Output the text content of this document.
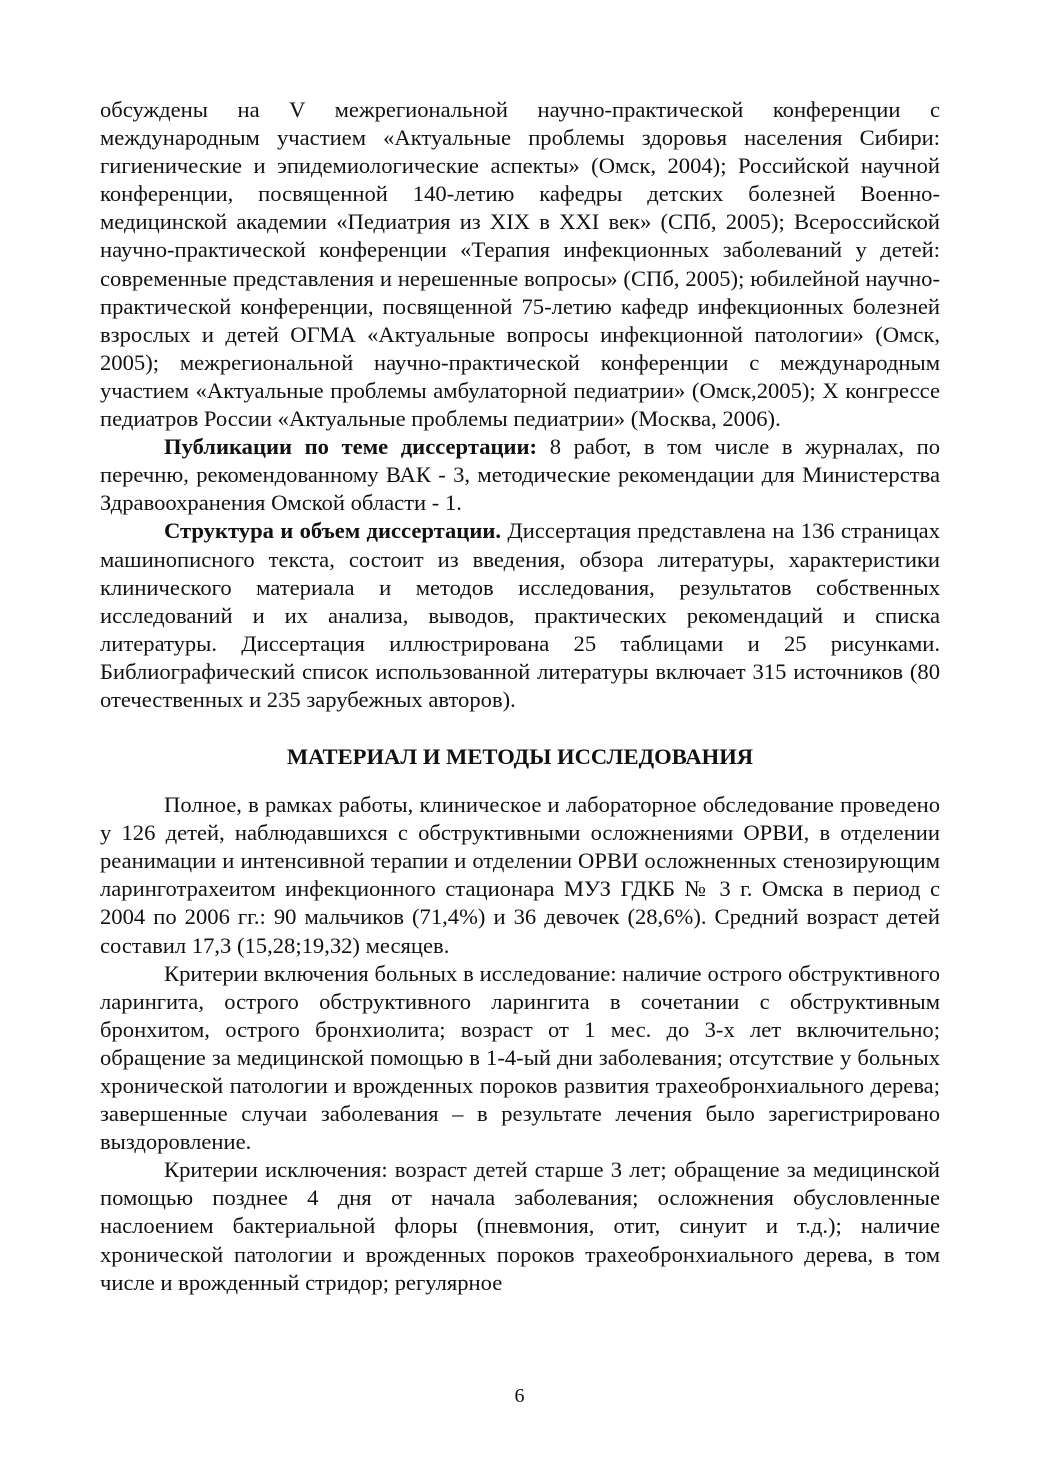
обсуждены на V межрегиональной научно-практической конференции с международным участием «Актуальные проблемы здоровья населения Сибири: гигиенические и эпидемиологические аспекты» (Омск, 2004); Российской научной конференции, посвященной 140-летию кафедры детских болезней Военно-медицинской академии «Педиатрия из XIX в XXI век» (СПб, 2005); Всероссийской научно-практической конференции «Терапия инфекционных заболеваний у детей: современные представления и нерешенные вопросы» (СПб, 2005); юбилейной научно-практической конференции, посвященной 75-летию кафедр инфекционных болезней взрослых и детей ОГМА «Актуальные вопросы инфекционной патологии» (Омск, 2005); межрегиональной научно-практической конференции с международным участием «Актуальные проблемы амбулаторной педиатрии» (Омск,2005); X конгрессе педиатров России «Актуальные проблемы педиатрии» (Москва, 2006).

Публикации по теме диссертации: 8 работ, в том числе в журналах, по перечню, рекомендованному ВАК - 3, методические рекомендации для Министерства Здравоохранения Омской области - 1.

Структура и объем диссертации. Диссертация представлена на 136 страницах машинописного текста, состоит из введения, обзора литературы, характеристики клинического материала и методов исследования, результатов собственных исследований и их анализа, выводов, практических рекомендаций и списка литературы. Диссертация иллюстрирована 25 таблицами и 25 рисунками. Библиографический список использованной литературы включает 315 источников (80 отечественных и 235 зарубежных авторов).

МАТЕРИАЛ И МЕТОДЫ ИССЛЕДОВАНИЯ

Полное, в рамках работы, клиническое и лабораторное обследование проведено у 126 детей, наблюдавшихся с обструктивными осложнениями ОРВИ, в отделении реанимации и интенсивной терапии и отделении ОРВИ осложненных стенозирующим ларинготрахеитом инфекционного стационара МУЗ ГДКБ № 3 г. Омска в период с 2004 по 2006 гг.: 90 мальчиков (71,4%) и 36 девочек (28,6%). Средний возраст детей составил 17,3 (15,28;19,32) месяцев.

Критерии включения больных в исследование: наличие острого обструктивного ларингита, острого обструктивного ларингита в сочетании с обструктивным бронхитом, острого бронхиолита; возраст от 1 мес. до 3-х лет включительно; обращение за медицинской помощью в 1-4-ый дни заболевания; отсутствие у больных хронической патологии и врожденных пороков развития трахеобронхиального дерева; завершенные случаи заболевания – в результате лечения было зарегистрировано выздоровление.

Критерии исключения: возраст детей старше 3 лет; обращение за медицинской помощью позднее 4 дня от начала заболевания; осложнения обусловленные наслоением бактериальной флоры (пневмония, отит, синуит и т.д.); наличие хронической патологии и врожденных пороков трахеобронхиального дерева, в том числе и врожденный стридор; регулярное

6
